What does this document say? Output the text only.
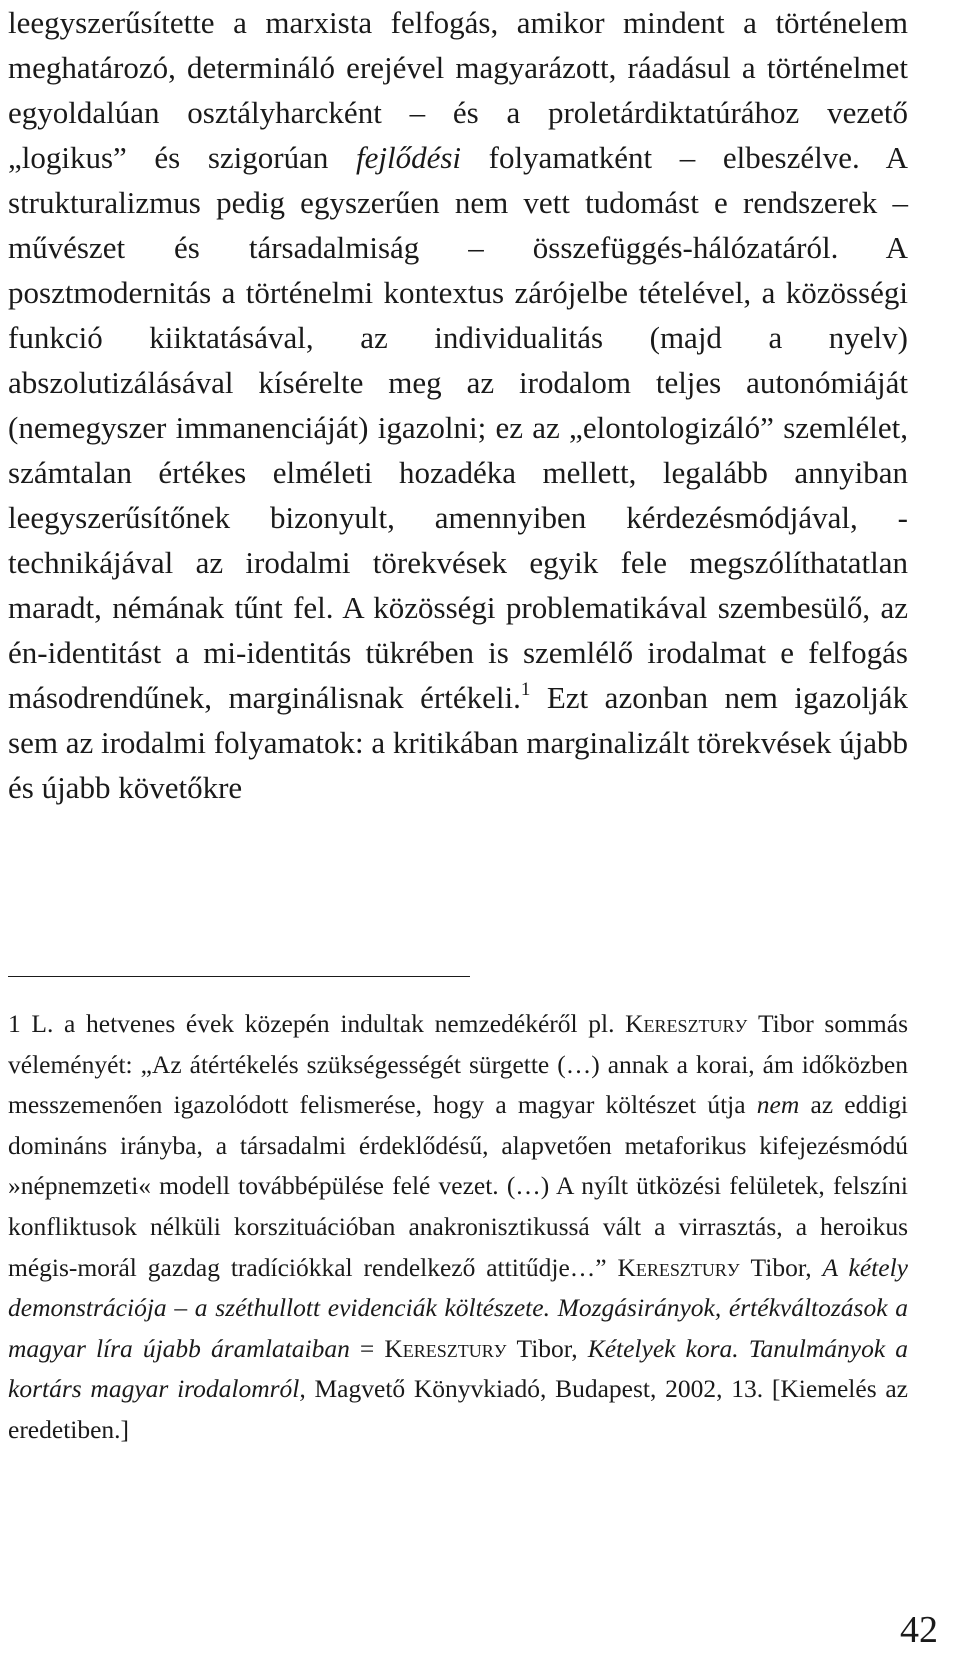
leegyszerűsítette a marxista felfogás, amikor mindent a történelem meghatározó, determináló erejével magyarázott, ráadásul a történelmet egyoldalúan osztályharcként – és a proletárdiktatúrához vezető „logikus” és szigorúan fejlődési folyamatként – elbeszélve. A strukturalizmus pedig egyszerűen nem vett tudomást e rendszerek – művészet és társadalmiság – összefüggés-hálózatáról. A posztmodernitás a történelmi kontextus zárójelbe tételével, a közösségi funkció kiiktatásával, az individualitás (majd a nyelv) abszolutizálásával kísérelte meg az irodalom teljes autonómiáját (nemegyszer immanenciáját) igazolni; ez az „elontologizáló” szemlélet, számtalan értékes elméleti hozadéka mellett, legalább annyiban leegyszerűsítőnek bizonyult, amennyiben kérdezésmódjával, -technikájával az irodalmi törekvések egyik fele megszólíthatatlan maradt, némának tűnt fel. A közösségi problematikával szembesülő, az én-identitást a mi-identitás tükrében is szemlélő irodalmat e felfogás másodrendűnek, marginálisnak értékeli.$^1$ Ezt azonban nem igazolják sem az irodalmi folyamatok: a kritikában marginalizált törekvések újabb és újabb követőkre

1 L. a hetvenes évek közepén indultak nemzedékéről pl. Kereszturу Tibor sommás véleményét: „Az átértékelés szükségességét sürgette (…) annak a korai, ám időközben messzemenően igazolódott felismerése, hogy a magyar költészet útja nem az eddigi domináns irányba, a társadalmi érdeklődésű, alapvetően metaforikus kifejezésmódú »népnemzeti« modell továbbépülése felé vezet. (…) A nyílt ütközési felületek, felszíni konfliktusok nélküli korszituációban anakronisztikussá vált a virrasztás, a heroikus mégis-morál gazdag tradíciókkal rendelkező attitűdje…” Kereszturу Tibor, A kétely demonstrációja – a széthullott evidenciák költészete. Mozgásirányok, értékváltozások a magyar líra újabb áramlataiban = Kereszturу Tibor, Kételyek kora. Tanulmányok a kortárs magyar irodalomról, Magvető Könyvkiadó, Budapest, 2002, 13. [Kiemelés az eredetiben.]

42
